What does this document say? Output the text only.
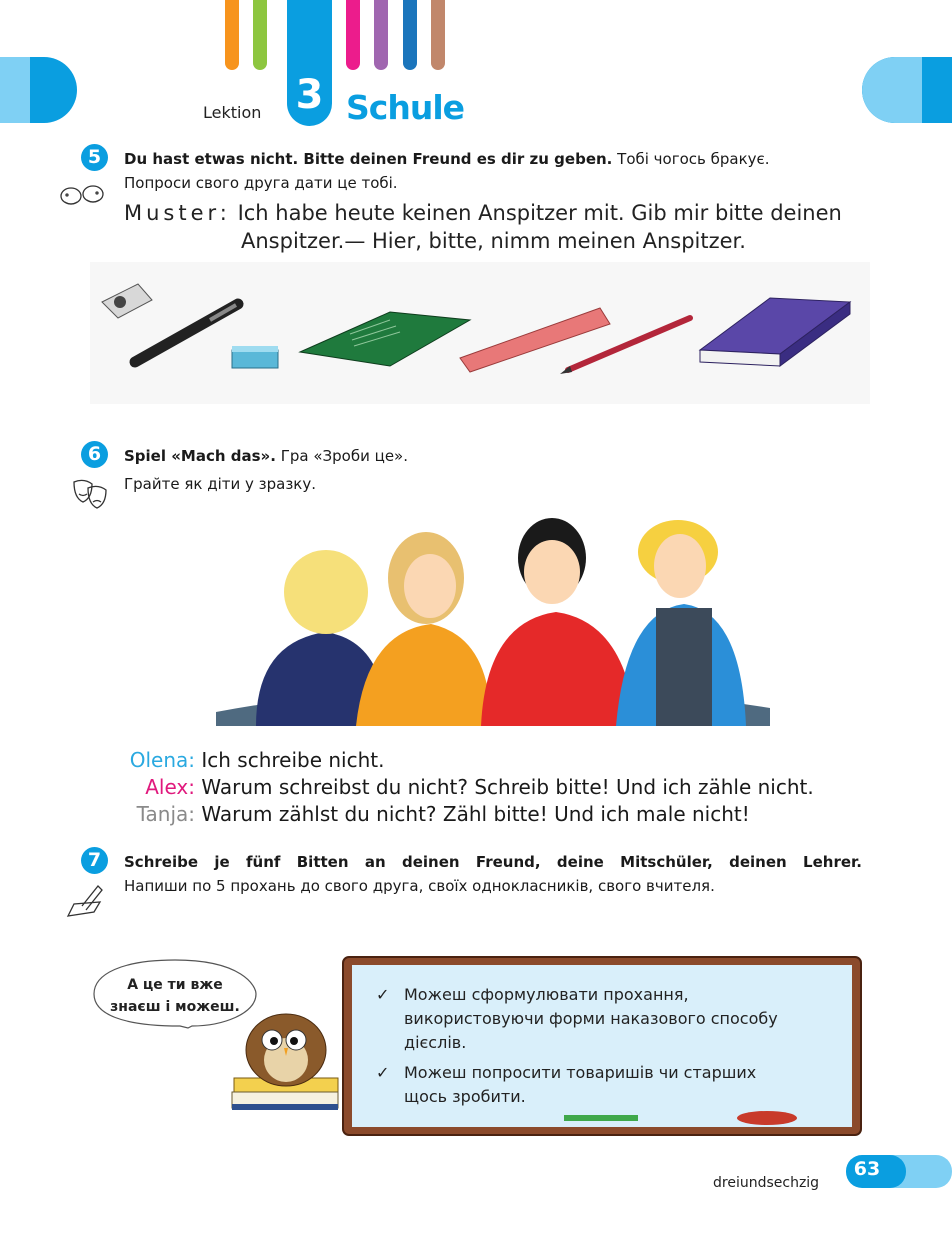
3
Lektion	Schule
5	Du hast etwas nicht. Bitte deinen Freund es dir zu geben. Тобі чогось бракує.
Попроси свого друга дати це тобі.
Muster: Ich habe heute keinen Anspitzer mit. Gib mir bitte deinen
Anspitzer.— Hier, bitte, nimm meinen Anspitzer.
6	Spiel «Mach das». Гра «Зроби це».
Грайте як діти у зразку.
Olena: Ich schreibe nicht.
Alex: Warum schreibst du nicht? Schreib bitte! Und ich zähle nicht.
Tanja: Warum zählst du nicht? Zähl bitte! Und ich male nicht!
7	Schreibe je fünf Bitten an deinen Freund, deine Mitschüler, deinen Lehrer.
Напиши по 5 прохань до свого друга, своїх однокласників, свого вчителя.
А це ти вже
знаєш і можеш.
✓ Можеш сформулювати прохання,
використовуючи форми наказового способу
дієслів.
✓ Можеш попросити товаришів чи старших
щось зробити.
dreiundsechzig
63
